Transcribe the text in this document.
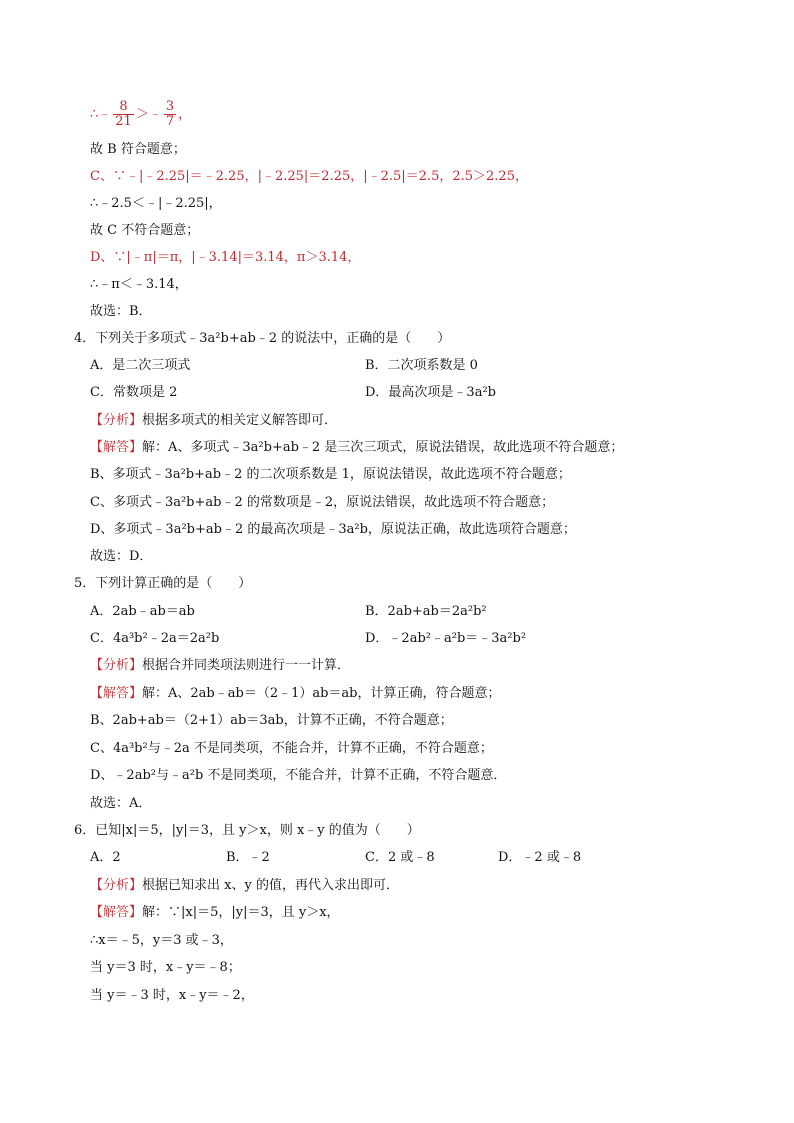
∴﹣ $\frac{8}{21}$ ＞﹣ $\frac{3}{7}$ ，
故 B 符合题意；
C、∵﹣|﹣2.25|＝﹣2.25，|﹣2.25|＝2.25，|﹣2.5|＝2.5，2.5＞2.25，
∴﹣2.5＜﹣|﹣2.25|，
故 C 不符合题意；
D、∵|﹣π|＝π，|﹣3.14|＝3.14，π＞3.14，
∴﹣π＜﹣3.14，
故选：B．
4．下列关于多项式﹣3a²b+ab﹣2 的说法中，正确的是（　　）
A．是二次三项式	B．二次项系数是 0
C．常数项是 2	D．最高次项是﹣3a²b
【分析】根据多项式的相关定义解答即可．
【解答】解：A、多项式﹣3a²b+ab﹣2 是三次三项式，原说法错误，故此选项不符合题意；
B、多项式﹣3a²b+ab﹣2 的二次项系数是 1，原说法错误，故此选项不符合题意；
C、多项式﹣3a²b+ab﹣2 的常数项是﹣2，原说法错误，故此选项不符合题意；
D、多项式﹣3a²b+ab﹣2 的最高次项是﹣3a²b，原说法正确，故此选项符合题意；
故选：D．
5．下列计算正确的是（　　）
A．2ab﹣ab＝ab	B．2ab+ab＝2a²b²
C．4a³b²﹣2a＝2a²b	D．﹣2ab²﹣a²b＝﹣3a²b²
【分析】根据合并同类项法则进行一一计算．
【解答】解：A、2ab﹣ab＝（2﹣1）ab＝ab，计算正确，符合题意；
B、2ab+ab＝（2+1）ab＝3ab，计算不正确，不符合题意；
C、4a³b²与﹣2a 不是同类项，不能合并，计算不正确，不符合题意；
D、﹣2ab²与﹣a²b 不是同类项，不能合并，计算不正确，不符合题意．
故选：A．
6．已知|x|＝5，|y|＝3，且 y＞x，则 x﹣y 的值为（　　）
A．2	B．﹣2	C．2 或﹣8	D．﹣2 或﹣8
【分析】根据已知求出 x、y 的值，再代入求出即可．
【解答】解：∵|x|＝5，|y|＝3，且 y＞x，
∴x＝﹣5，y＝3 或﹣3，
当 y＝3 时，x﹣y＝﹣8；
当 y＝﹣3 时，x﹣y＝﹣2，
